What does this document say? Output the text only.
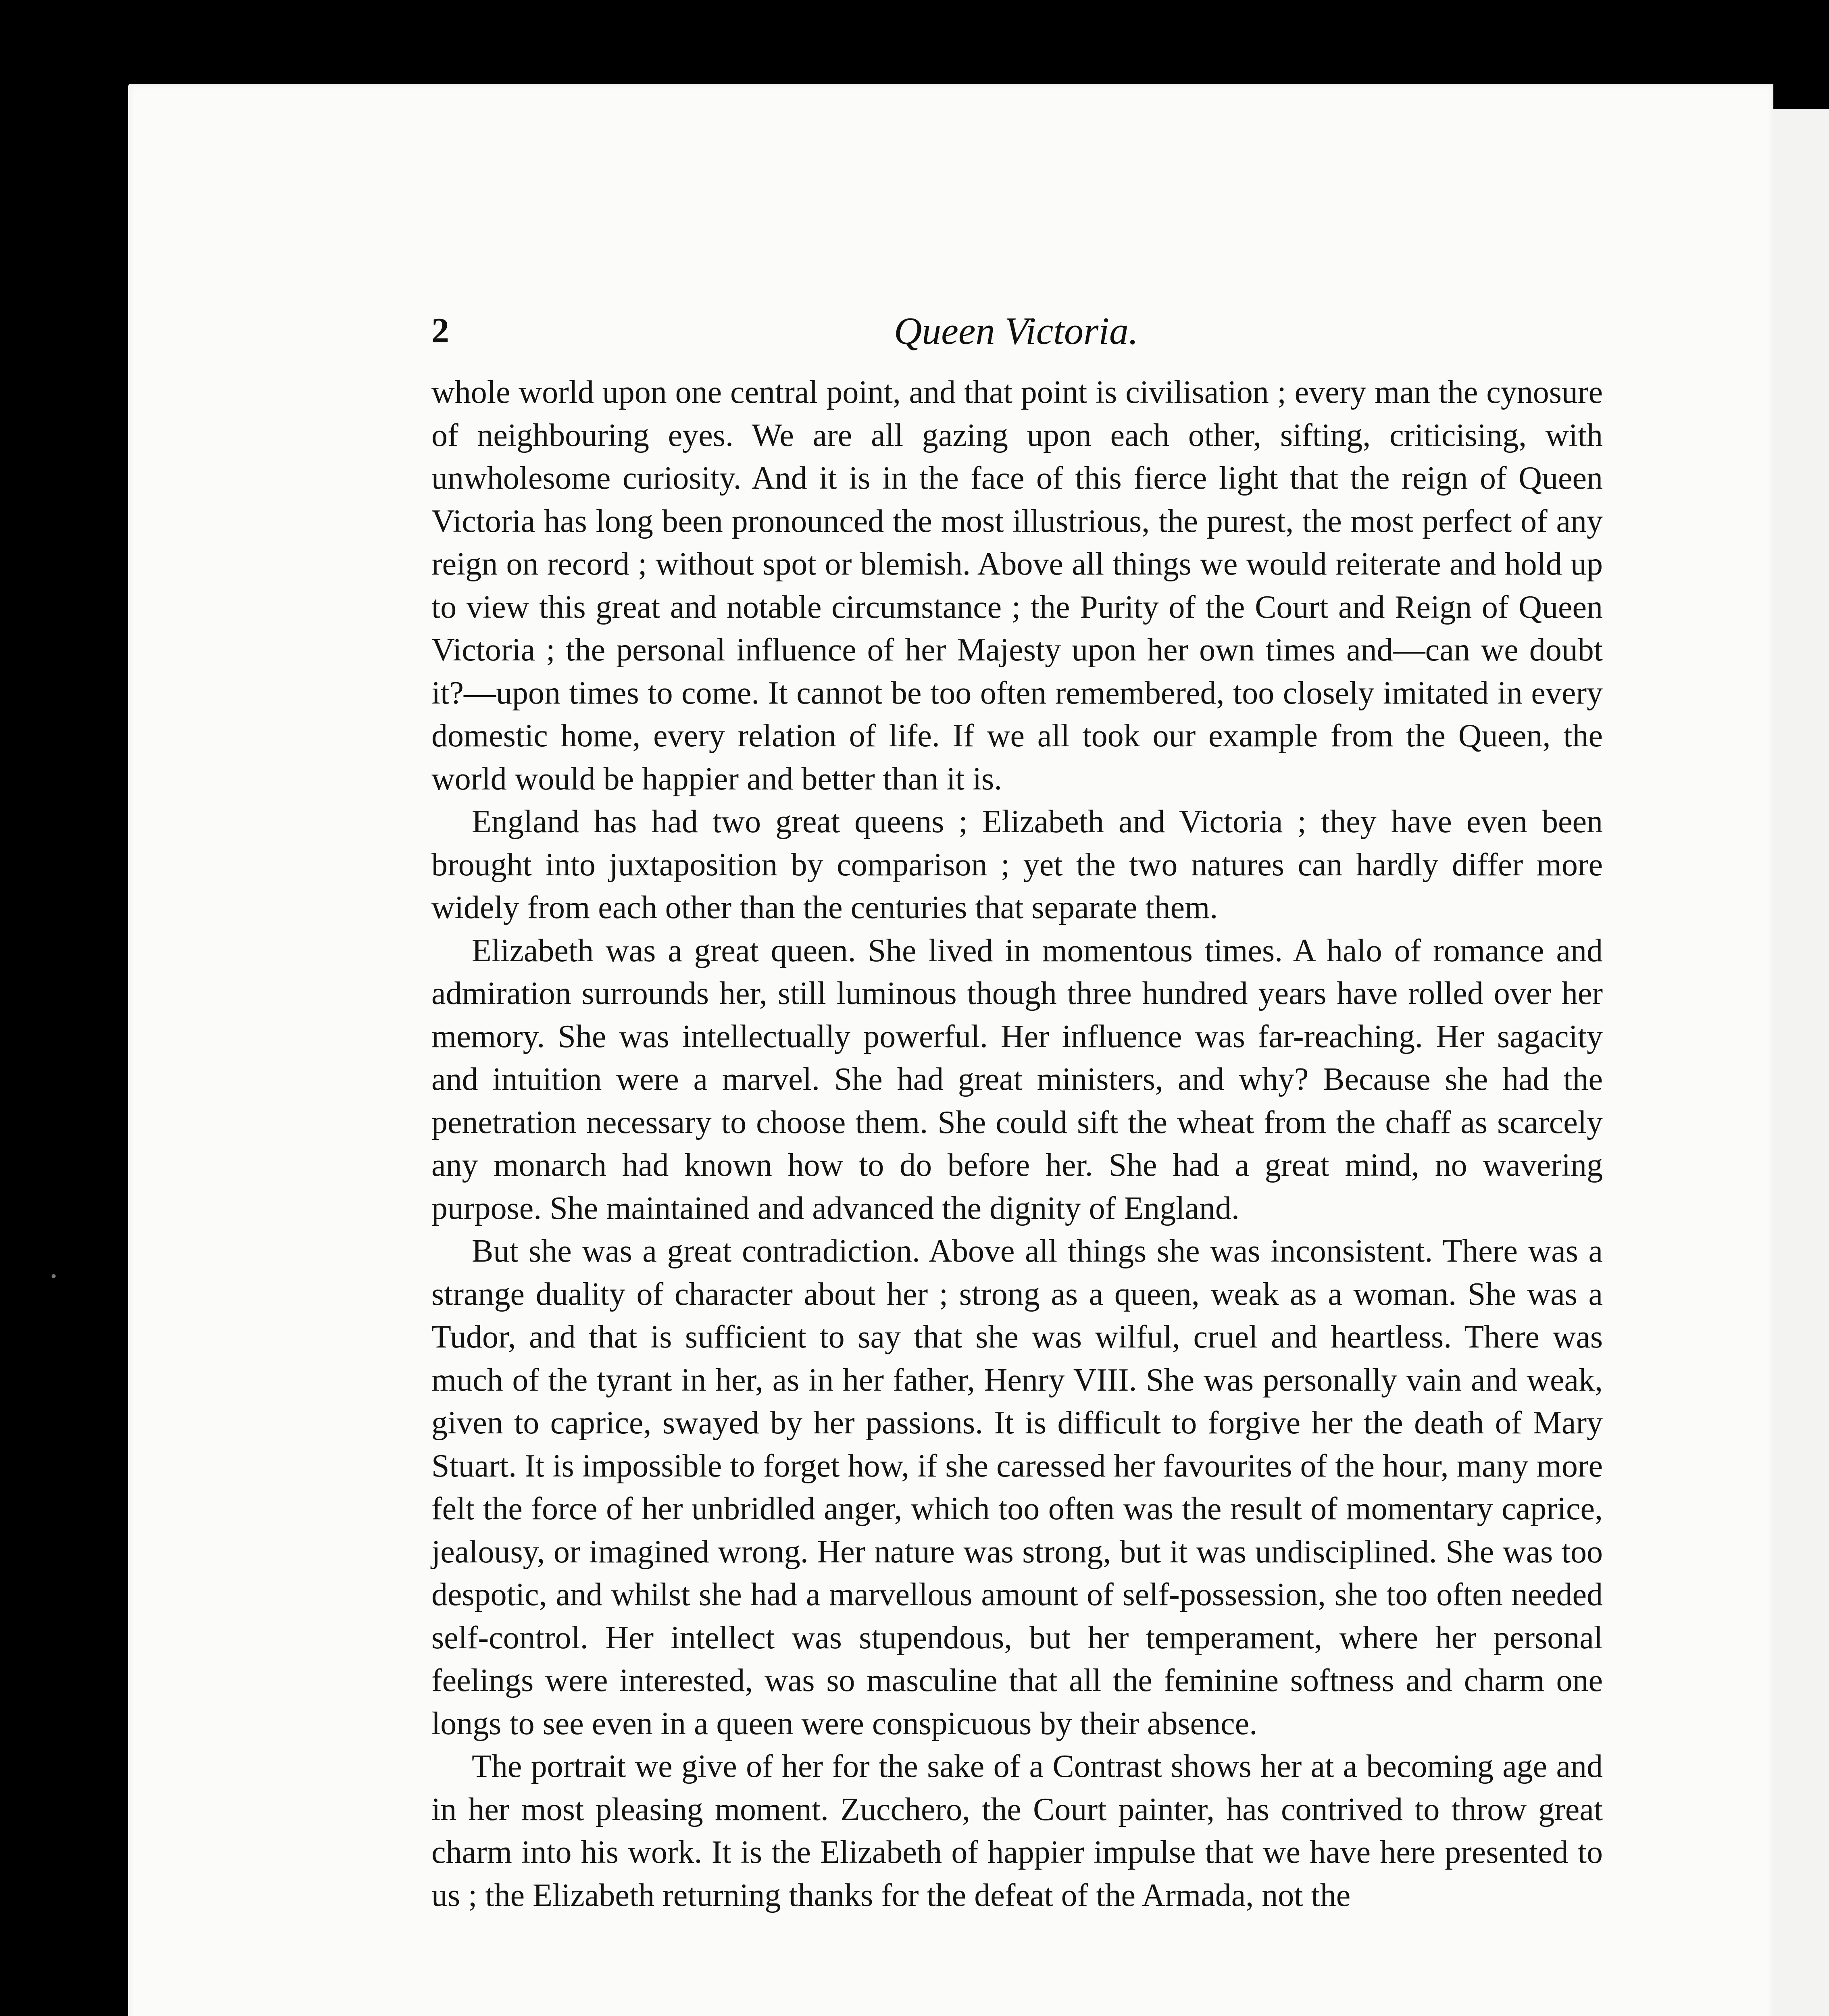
2	Queen Victoria.

whole world upon one central point, and that point is civilisation ; every man the cynosure of neighbouring eyes. We are all gazing upon each other, sifting, criticising, with unwholesome curiosity. And it is in the face of this fierce light that the reign of Queen Victoria has long been pronounced the most illustrious, the purest, the most perfect of any reign on record ; without spot or blemish. Above all things we would reiterate and hold up to view this great and notable circumstance ; the Purity of the Court and Reign of Queen Victoria ; the personal influence of her Majesty upon her own times and—can we doubt it?—upon times to come. It cannot be too often remembered, too closely imitated in every domestic home, every relation of life. If we all took our example from the Queen, the world would be happier and better than it is.

England has had two great queens ; Elizabeth and Victoria ; they have even been brought into juxtaposition by comparison ; yet the two natures can hardly differ more widely from each other than the centuries that separate them.

Elizabeth was a great queen. She lived in momentous times. A halo of romance and admiration surrounds her, still luminous though three hundred years have rolled over her memory. She was intellectually powerful. Her influence was far-reaching. Her sagacity and intuition were a marvel. She had great ministers, and why? Because she had the penetration necessary to choose them. She could sift the wheat from the chaff as scarcely any monarch had known how to do before her. She had a great mind, no wavering purpose. She maintained and advanced the dignity of England.

But she was a great contradiction. Above all things she was inconsistent. There was a strange duality of character about her ; strong as a queen, weak as a woman. She was a Tudor, and that is sufficient to say that she was wilful, cruel and heartless. There was much of the tyrant in her, as in her father, Henry VIII. She was personally vain and weak, given to caprice, swayed by her passions. It is difficult to forgive her the death of Mary Stuart. It is impossible to forget how, if she caressed her favourites of the hour, many more felt the force of her unbridled anger, which too often was the result of momentary caprice, jealousy, or imagined wrong. Her nature was strong, but it was undisciplined. She was too despotic, and whilst she had a marvellous amount of self-possession, she too often needed self-control. Her intellect was stupendous, but her temperament, where her personal feelings were interested, was so masculine that all the feminine softness and charm one longs to see even in a queen were conspicuous by their absence.

The portrait we give of her for the sake of a Contrast shows her at a becoming age and in her most pleasing moment. Zucchero, the Court painter, has contrived to throw great charm into his work. It is the Elizabeth of happier impulse that we have here presented to us ; the Elizabeth returning thanks for the defeat of the Armada, not the
